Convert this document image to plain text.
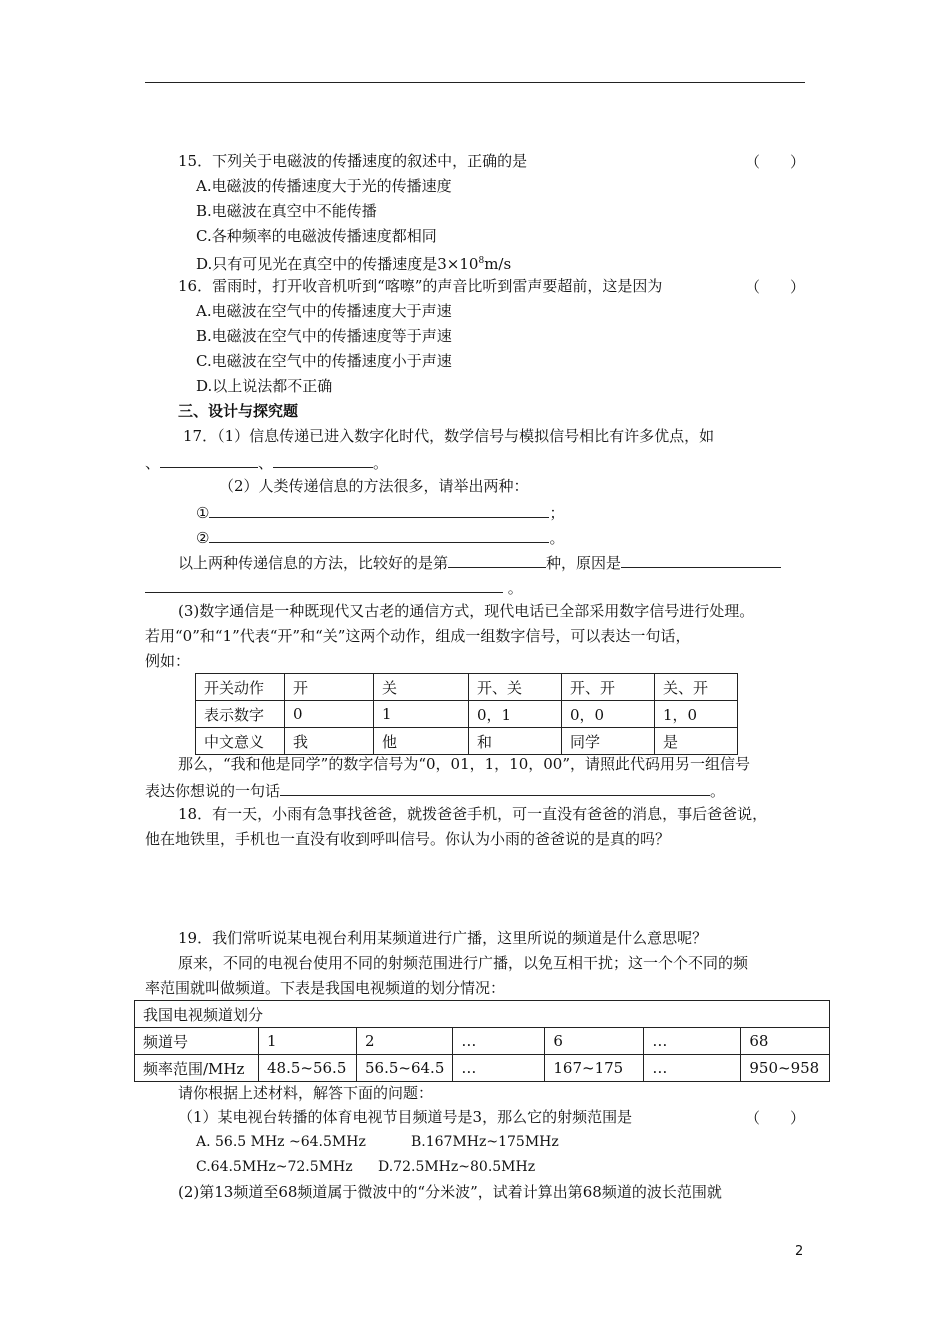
15．下列关于电磁波的传播速度的叙述中，正确的是	（　　）
A.电磁波的传播速度大于光的传播速度
B.电磁波在真空中不能传播
C.各种频率的电磁波传播速度都相同
D.只有可见光在真空中的传播速度是$3\times 10^8m/s$
16．雷雨时，打开收音机听到“喀嚓”的声音比听到雷声要超前，这是因为	（　　）
A.电磁波在空气中的传播速度大于声速
B.电磁波在空气中的传播速度等于声速
C.电磁波在空气中的传播速度小于声速
D.以上说法都不正确
三、设计与探究题
17．（1）信息传递已进入数字化时代，数学信号与模拟信号相比有许多优点，如
、	、	。
（2）人类传递信息的方法很多，请举出两种：
①	；
②	。
以上两种传递信息的方法，比较好的是第	种，原因是
。
(3)数字通信是一种既现代又古老的通信方式，现代电话已全部采用数字信号进行处理。
若用“0”和“1”代表“开”和“关”这两个动作，组成一组数字信号，可以表达一句话，
例如：
开关动作	开	关	开、关	开、开	关、开
表示数字	0	1	0，1	0，0	1，0
中文意义	我	他	和	同学	是
那么，“我和他是同学”的数字信号为“0，01，1，10，00”，请照此代码用另一组信号
表达你想说的一句话	。
18．有一天，小雨有急事找爸爸，就拨爸爸手机，可一直没有爸爸的消息，事后爸爸说，
他在地铁里，手机也一直没有收到呼叫信号。你认为小雨的爸爸说的是真的吗？
19．我们常听说某电视台利用某频道进行广播，这里所说的频道是什么意思呢？
原来，不同的电视台使用不同的射频范围进行广播，以免互相干扰；这一个个不同的频
率范围就叫做频道。下表是我国电视频道的划分情况：
我国电视频道划分						
频道号	1	2	…	6	…	68
频率范围/MHz	48.5~56.5	56.5~64.5	…	167~175	…	950~958
请你根据上述材料，解答下面的问题：
（1）某电视台转播的体育电视节目频道号是3，那么它的射频范围是	（　　）
A. 56.5 MHz ~64.5MHz	B.167MHz~175MHz
C.64.5MHz~72.5MHz D.72.5MHz~80.5MHz
(2)第13频道至68频道属于微波中的“分米波”，试着计算出第68频道的波长范围就
2
